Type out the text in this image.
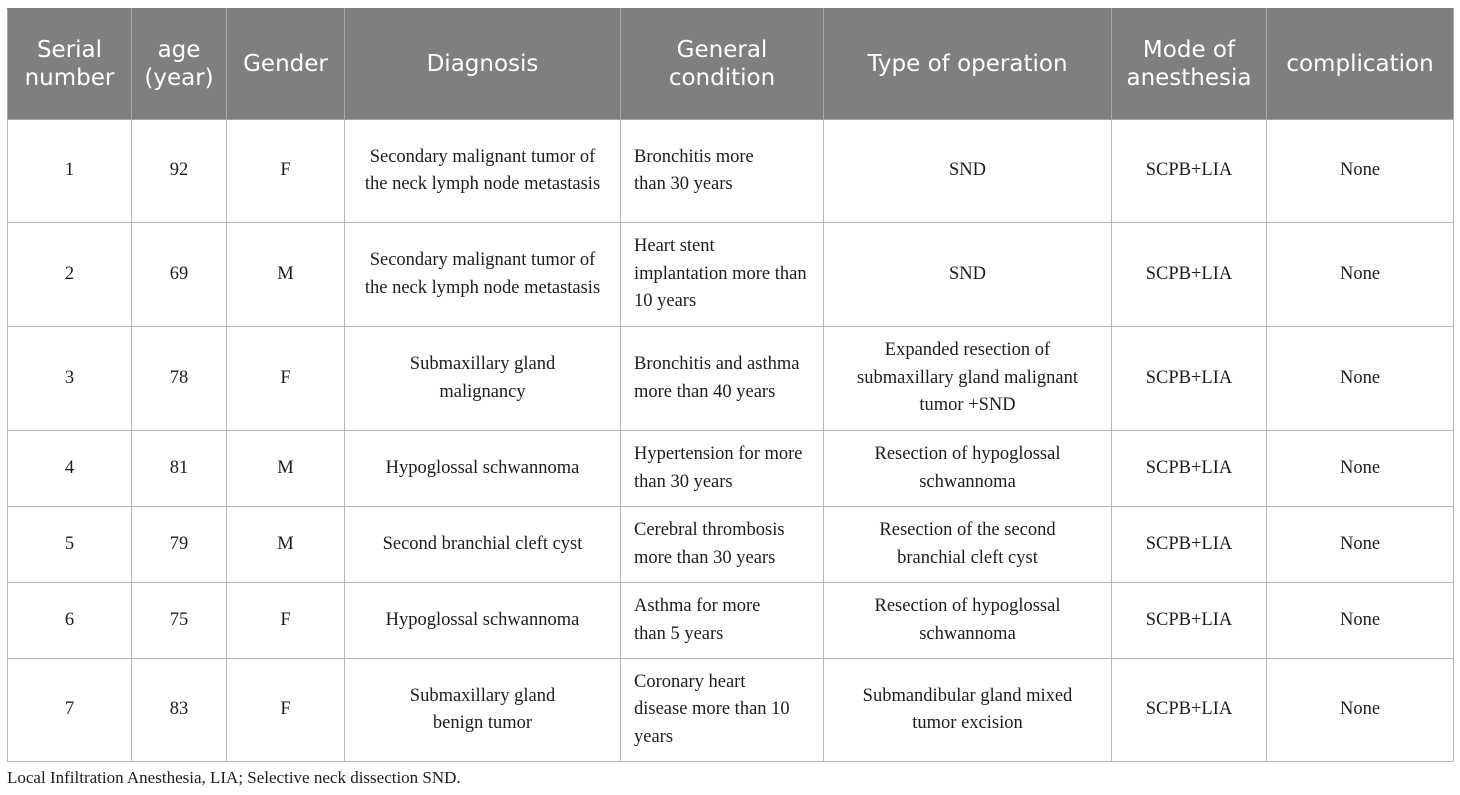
Serial number	age (year)	Gender	Diagnosis	General condition	Type of operation	Mode of anesthesia	complication
1	92	F	Secondary malignant tumor of the neck lymph node metastasis	Bronchitis more than 30 years	SND	SCPB+LIA	None
2	69	M	Secondary malignant tumor of the neck lymph node metastasis	Heart stent implantation more than 10 years	SND	SCPB+LIA	None
3	78	F	Submaxillary gland malignancy	Bronchitis and asthma more than 40 years	Expanded resection of submaxillary gland malignant tumor +SND	SCPB+LIA	None
4	81	M	Hypoglossal schwannoma	Hypertension for more than 30 years	Resection of hypoglossal schwannoma	SCPB+LIA	None
5	79	M	Second branchial cleft cyst	Cerebral thrombosis more than 30 years	Resection of the second branchial cleft cyst	SCPB+LIA	None
6	75	F	Hypoglossal schwannoma	Asthma for more than 5 years	Resection of hypoglossal schwannoma	SCPB+LIA	None
7	83	F	Submaxillary gland benign tumor	Coronary heart disease more than 10 years	Submandibular gland mixed tumor excision	SCPB+LIA	None
Local Infiltration Anesthesia, LIA; Selective neck dissection SND.
